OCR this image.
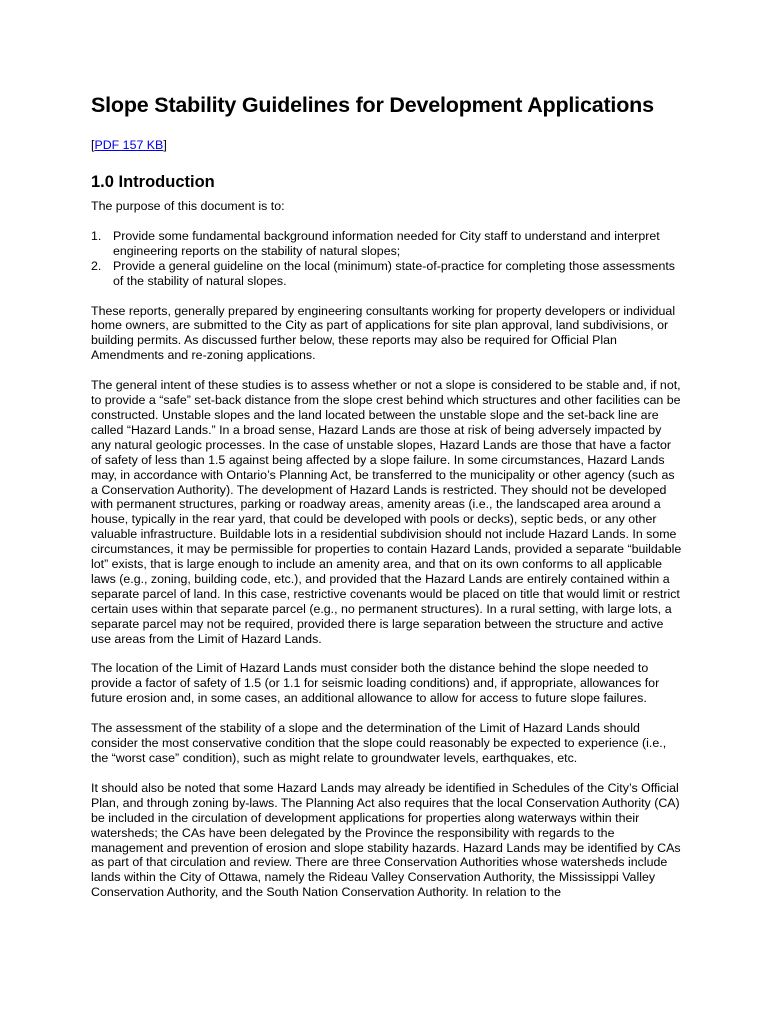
Slope Stability Guidelines for Development Applications

[PDF 157 KB]

1.0 Introduction

The purpose of this document is to:

1. Provide some fundamental background information needed for City staff to understand and interpret engineering reports on the stability of natural slopes;
2. Provide a general guideline on the local (minimum) state-of-practice for completing those assessments of the stability of natural slopes.

These reports, generally prepared by engineering consultants working for property developers or individual home owners, are submitted to the City as part of applications for site plan approval, land subdivisions, or building permits. As discussed further below, these reports may also be required for Official Plan Amendments and re-zoning applications.

The general intent of these studies is to assess whether or not a slope is considered to be stable and, if not, to provide a “safe” set-back distance from the slope crest behind which structures and other facilities can be constructed. Unstable slopes and the land located between the unstable slope and the set-back line are called “Hazard Lands.” In a broad sense, Hazard Lands are those at risk of being adversely impacted by any natural geologic processes. In the case of unstable slopes, Hazard Lands are those that have a factor of safety of less than 1.5 against being affected by a slope failure. In some circumstances, Hazard Lands may, in accordance with Ontario’s Planning Act, be transferred to the municipality or other agency (such as a Conservation Authority). The development of Hazard Lands is restricted. They should not be developed with permanent structures, parking or roadway areas, amenity areas (i.e., the landscaped area around a house, typically in the rear yard, that could be developed with pools or decks), septic beds, or any other valuable infrastructure. Buildable lots in a residential subdivision should not include Hazard Lands. In some circumstances, it may be permissible for properties to contain Hazard Lands, provided a separate “buildable lot” exists, that is large enough to include an amenity area, and that on its own conforms to all applicable laws (e.g., zoning, building code, etc.), and provided that the Hazard Lands are entirely contained within a separate parcel of land. In this case, restrictive covenants would be placed on title that would limit or restrict certain uses within that separate parcel (e.g., no permanent structures). In a rural setting, with large lots, a separate parcel may not be required, provided there is large separation between the structure and active use areas from the Limit of Hazard Lands.

The location of the Limit of Hazard Lands must consider both the distance behind the slope needed to provide a factor of safety of 1.5 (or 1.1 for seismic loading conditions) and, if appropriate, allowances for future erosion and, in some cases, an additional allowance to allow for access to future slope failures.

The assessment of the stability of a slope and the determination of the Limit of Hazard Lands should consider the most conservative condition that the slope could reasonably be expected to experience (i.e., the “worst case” condition), such as might relate to groundwater levels, earthquakes, etc.

It should also be noted that some Hazard Lands may already be identified in Schedules of the City’s Official Plan, and through zoning by-laws. The Planning Act also requires that the local Conservation Authority (CA) be included in the circulation of development applications for properties along waterways within their watersheds; the CAs have been delegated by the Province the responsibility with regards to the management and prevention of erosion and slope stability hazards. Hazard Lands may be identified by CAs as part of that circulation and review. There are three Conservation Authorities whose watersheds include lands within the City of Ottawa, namely the Rideau Valley Conservation Authority, the Mississippi Valley Conservation Authority, and the South Nation Conservation Authority. In relation to the
